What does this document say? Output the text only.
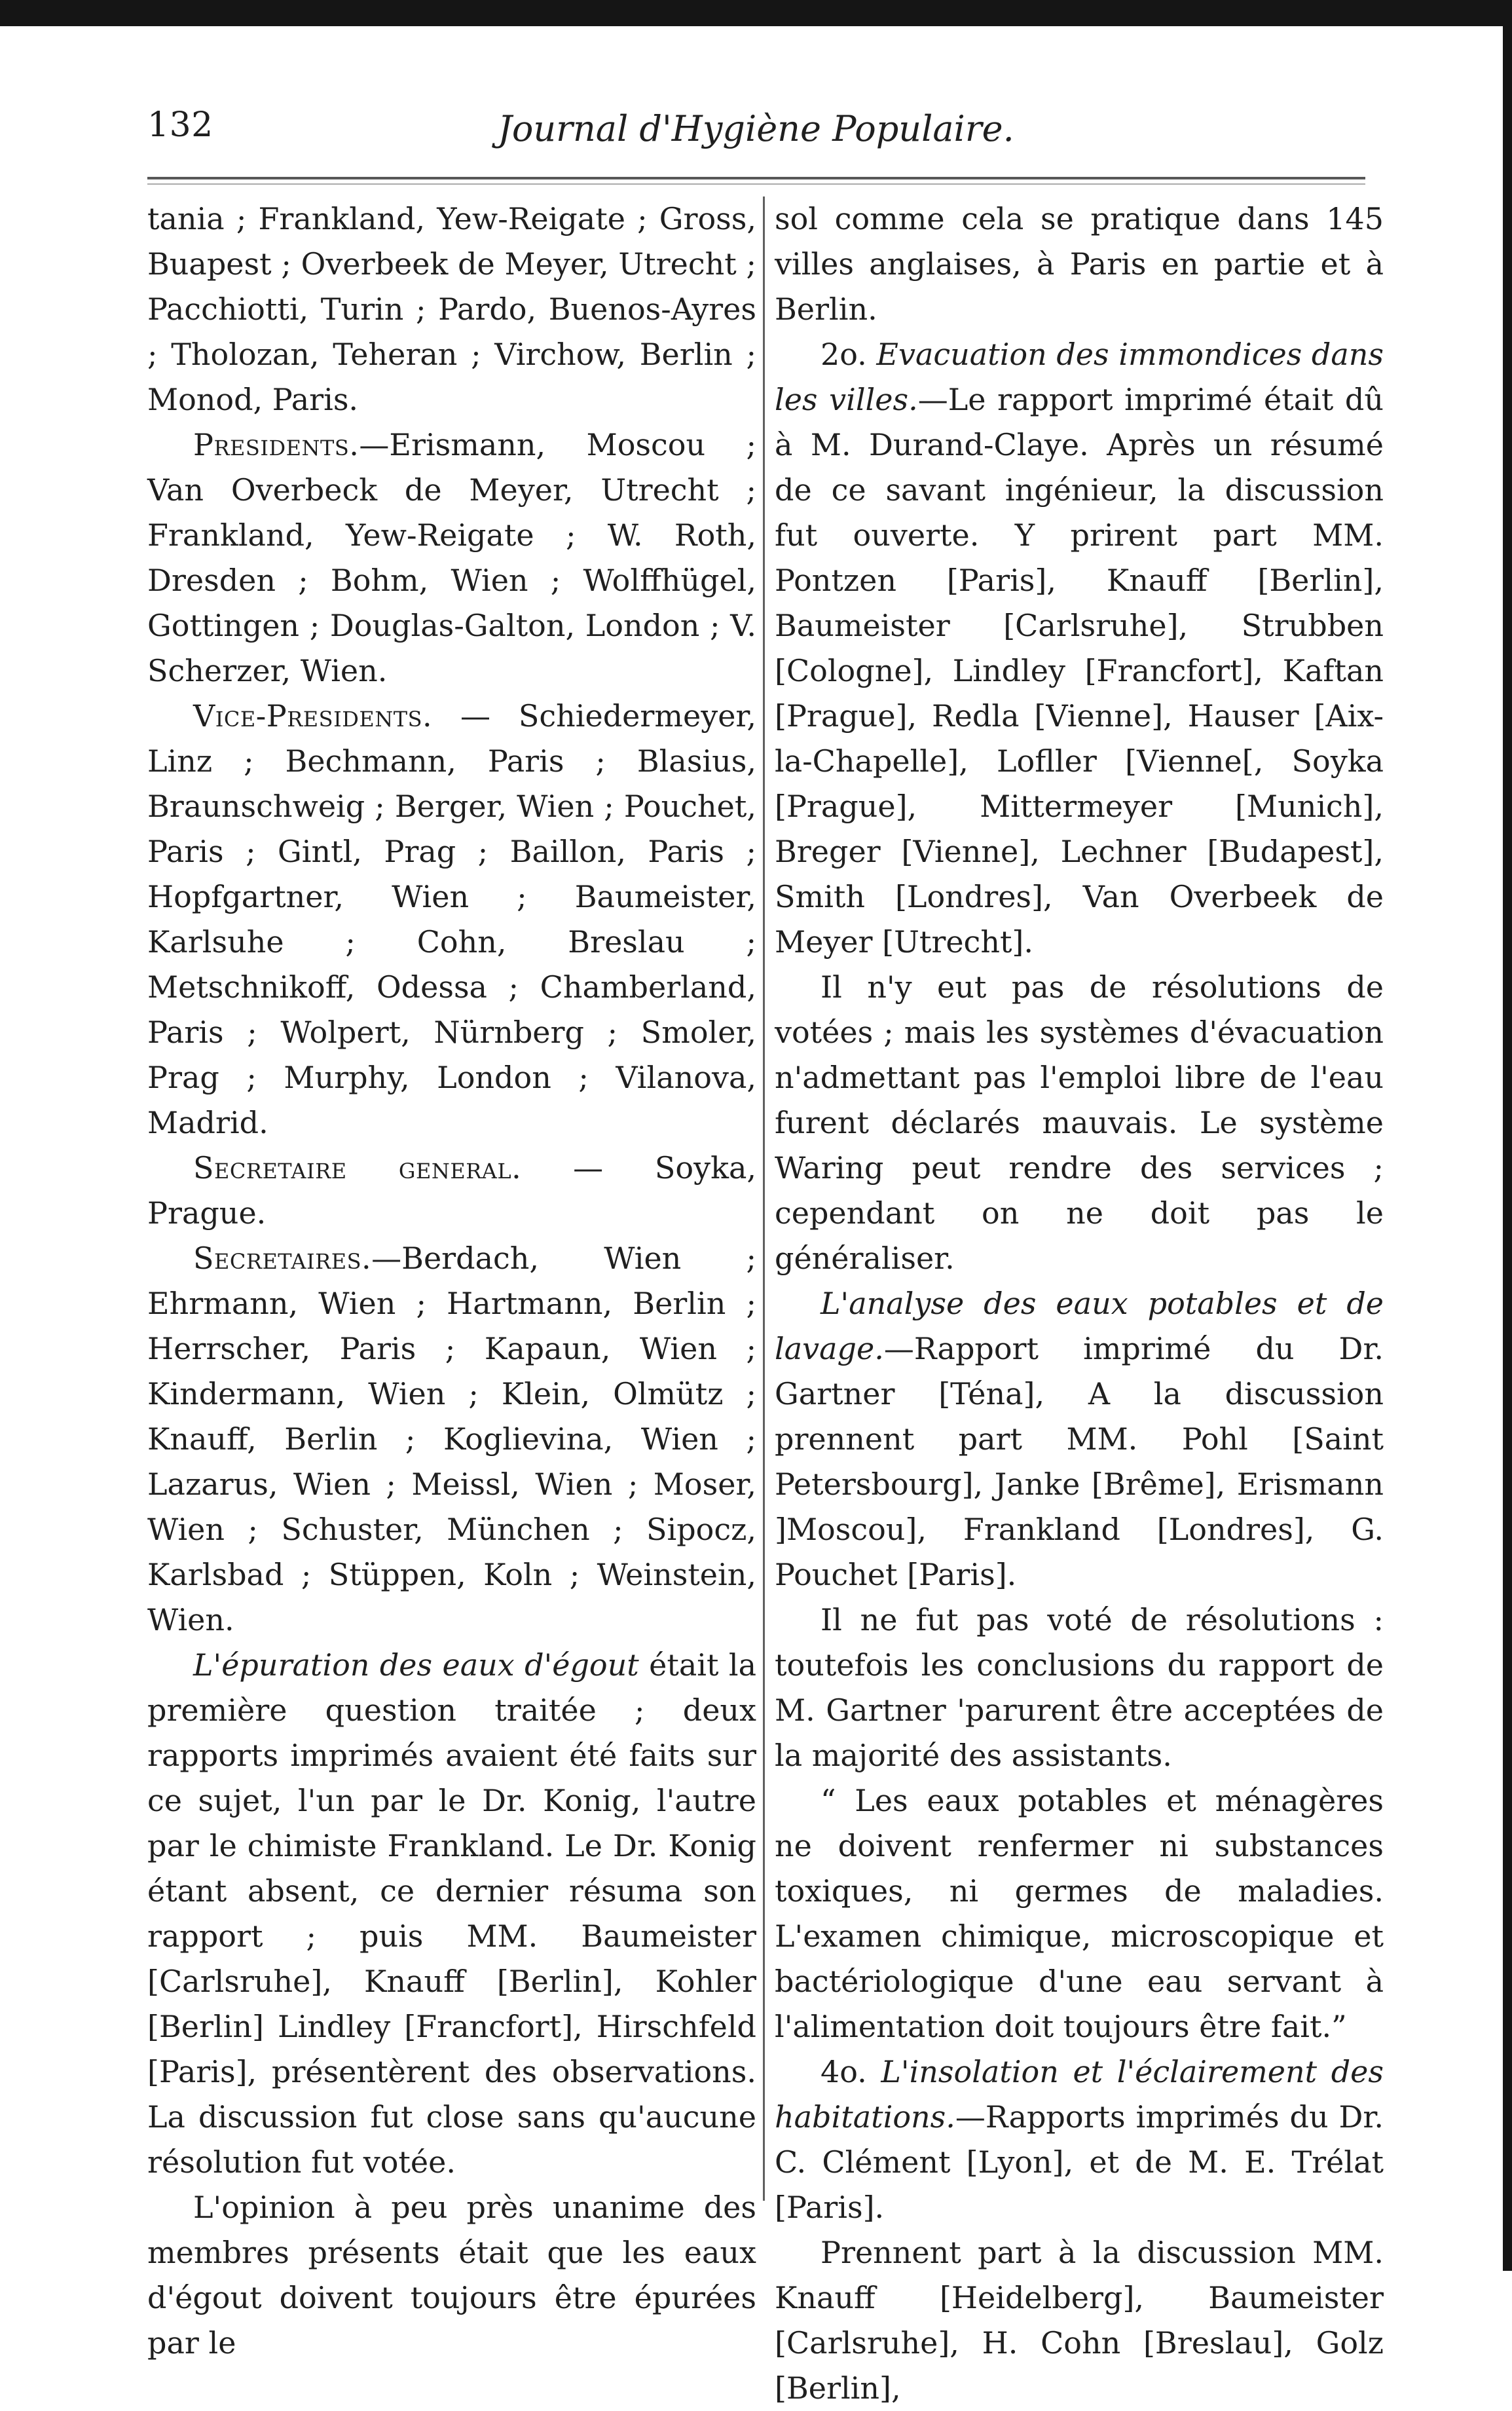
132	Journal d'Hygiène Populaire.

tania ; Frankland, Yew-Reigate ; Gross, Buapest ; Overbeek de Meyer, Utrecht ; Pacchiotti, Turin ; Pardo, Buenos-Ayres ; Tholozan, Teheran ; Virchow, Berlin ; Monod, Paris.

Presidents.—Erismann, Moscou ; Van Overbeck de Meyer, Utrecht ; Frankland, Yew-Reigate ; W. Roth, Dresden ; Bohm, Wien ; Wolffhügel, Gottingen ; Douglas-Galton, London ; V. Scherzer, Wien.

Vice-Presidents. — Schiedermeyer, Linz ; Bechmann, Paris ; Blasius, Braunschweig ; Berger, Wien ; Pouchet, Paris ; Gintl, Prag ; Baillon, Paris ; Hopfgartner, Wien ; Baumeister, Karlsuhe ; Cohn, Breslau ; Metschnikoff, Odessa ; Chamberland, Paris ; Wolpert, Nürnberg ; Smoler, Prag ; Murphy, London ; Vilanova, Madrid.

Secretaire general. — Soyka, Prague.

Secretaires.—Berdach, Wien ; Ehrmann, Wien ; Hartmann, Berlin ; Herrscher, Paris ; Kapaun, Wien ; Kindermann, Wien ; Klein, Olmütz ; Knauff, Berlin ; Koglievina, Wien ; Lazarus, Wien ; Meissl, Wien ; Moser, Wien ; Schuster, München ; Sipocz, Karlsbad ; Stüppen, Koln ; Weinstein, Wien.

L'épuration des eaux d'égout était la première question traitée ; deux rapports imprimés avaient été faits sur ce sujet, l'un par le Dr. Konig, l'autre par le chimiste Frankland. Le Dr. Konig étant absent, ce dernier résuma son rapport ; puis MM. Baumeister [Carlsruhe], Knauff [Berlin], Kohler [Berlin] Lindley [Francfort], Hirschfeld [Paris], présentèrent des observations. La discussion fut close sans qu'aucune résolution fut votée.

L'opinion à peu près unanime des membres présents était que les eaux d'égout doivent toujours être épurées par le

sol comme cela se pratique dans 145 villes anglaises, à Paris en partie et à Berlin.

2o. Evacuation des immondices dans les villes.—Le rapport imprimé était dû à M. Durand-Claye. Après un résumé de ce savant ingénieur, la discussion fut ouverte. Y prirent part MM. Pontzen [Paris], Knauff [Berlin], Baumeister [Carlsruhe], Strubben [Cologne], Lindley [Francfort], Kaftan [Prague], Redla [Vienne], Hauser [Aix-la-Chapelle], Lofller [Vienne[, Soyka [Prague], Mittermeyer [Munich], Breger [Vienne], Lechner [Budapest], Smith [Londres], Van Overbeek de Meyer [Utrecht].

Il n'y eut pas de résolutions de votées ; mais les systèmes d'évacuation n'admettant pas l'emploi libre de l'eau furent déclarés mauvais. Le système Waring peut rendre des services ; cependant on ne doit pas le généraliser.

L'analyse des eaux potables et de lavage.—Rapport imprimé du Dr. Gartner [Téna], A la discussion prennent part MM. Pohl [Saint Petersbourg], Janke [Brême], Erismann ]Moscou], Frankland [Londres], G. Pouchet [Paris].

Il ne fut pas voté de résolutions : toutefois les conclusions du rapport de M. Gartner 'parurent être acceptées de la majorité des assistants.

“ Les eaux potables et ménagères ne doivent renfermer ni substances toxiques, ni germes de maladies. L'examen chimique, microscopique et bactériologique d'une eau servant à l'alimentation doit toujours être fait.”

4o. L'insolation et l'éclairement des habitations.—Rapports imprimés du Dr. C. Clément [Lyon], et de M. E. Trélat [Paris].

Prennent part à la discussion MM. Knauff [Heidelberg], Baumeister [Carlsruhe], H. Cohn [Breslau], Golz [Berlin],
